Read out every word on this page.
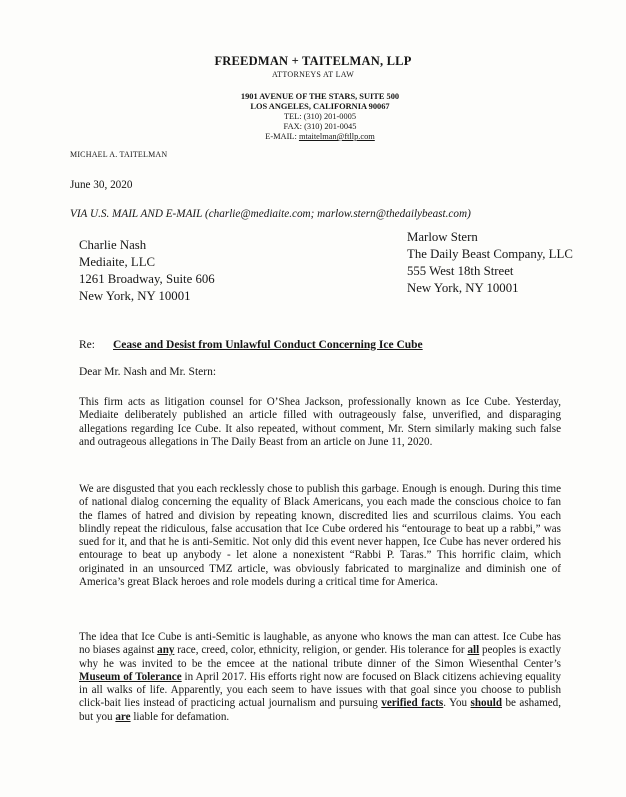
FREEDMAN + TAITELMAN, LLP
ATTORNEYS AT LAW
1901 AVENUE OF THE STARS, SUITE 500
LOS ANGELES, CALIFORNIA 90067
TEL: (310) 201-0005
FAX: (310) 201-0045
E-MAIL: mtaitelman@ftllp.com
MICHAEL A. TAITELMAN
June 30, 2020
VIA U.S. MAIL AND E-MAIL (charlie@mediaite.com; marlow.stern@thedailybeast.com)
Charlie Nash
Mediaite, LLC
1261 Broadway, Suite 606
New York, NY 10001
Marlow Stern
The Daily Beast Company, LLC
555 West 18th Street
New York, NY 10001
Re: Cease and Desist from Unlawful Conduct Concerning Ice Cube
Dear Mr. Nash and Mr. Stern:
This firm acts as litigation counsel for O’Shea Jackson, professionally known as Ice Cube. Yesterday, Mediaite deliberately published an article filled with outrageously false, unverified, and disparaging allegations regarding Ice Cube. It also repeated, without comment, Mr. Stern similarly making such false and outrageous allegations in The Daily Beast from an article on June 11, 2020.
We are disgusted that you each recklessly chose to publish this garbage. Enough is enough. During this time of national dialog concerning the equality of Black Americans, you each made the conscious choice to fan the flames of hatred and division by repeating known, discredited lies and scurrilous claims. You each blindly repeat the ridiculous, false accusation that Ice Cube ordered his “entourage to beat up a rabbi,” was sued for it, and that he is anti-Semitic. Not only did this event never happen, Ice Cube has never ordered his entourage to beat up anybody - let alone a nonexistent “Rabbi P. Taras.” This horrific claim, which originated in an unsourced TMZ article, was obviously fabricated to marginalize and diminish one of America’s great Black heroes and role models during a critical time for America.
The idea that Ice Cube is anti-Semitic is laughable, as anyone who knows the man can attest. Ice Cube has no biases against any race, creed, color, ethnicity, religion, or gender. His tolerance for all peoples is exactly why he was invited to be the emcee at the national tribute dinner of the Simon Wiesenthal Center’s Museum of Tolerance in April 2017. His efforts right now are focused on Black citizens achieving equality in all walks of life. Apparently, you each seem to have issues with that goal since you choose to publish click-bait lies instead of practicing actual journalism and pursuing verified facts. You should be ashamed, but you are liable for defamation.
